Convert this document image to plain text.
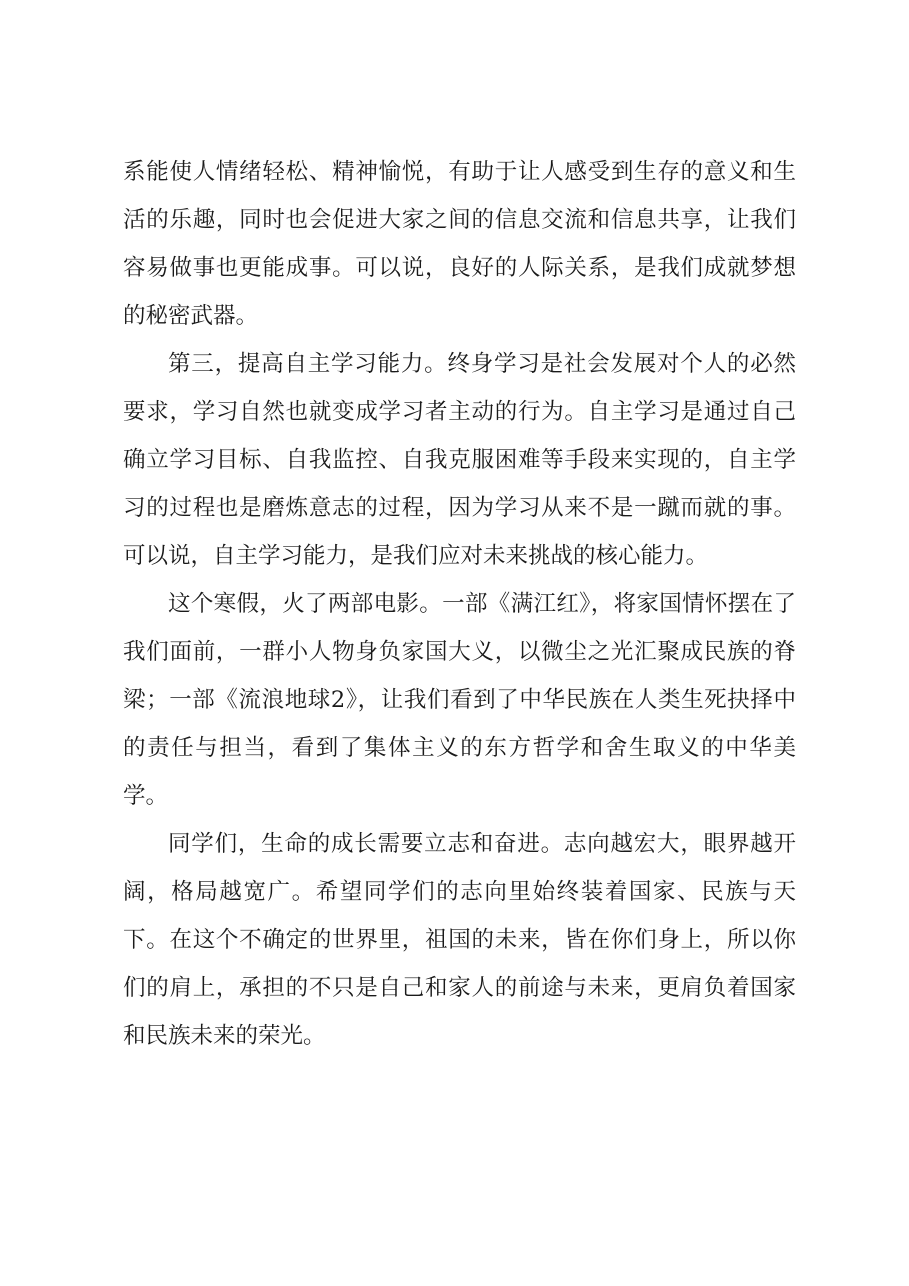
系能使人情绪轻松、精神愉悦，有助于让人感受到生存的意义和生活的乐趣，同时也会促进大家之间的信息交流和信息共享，让我们容易做事也更能成事。可以说，良好的人际关系，是我们成就梦想的秘密武器。

第三，提高自主学习能力。终身学习是社会发展对个人的必然要求，学习自然也就变成学习者主动的行为。自主学习是通过自己确立学习目标、自我监控、自我克服困难等手段来实现的，自主学习的过程也是磨炼意志的过程，因为学习从来不是一蹴而就的事。可以说，自主学习能力，是我们应对未来挑战的核心能力。

这个寒假，火了两部电影。一部《满江红》，将家国情怀摆在了我们面前，一群小人物身负家国大义，以微尘之光汇聚成民族的脊梁；一部《流浪地球2》，让我们看到了中华民族在人类生死抉择中的责任与担当，看到了集体主义的东方哲学和舍生取义的中华美学。

同学们，生命的成长需要立志和奋进。志向越宏大，眼界越开阔，格局越宽广。希望同学们的志向里始终装着国家、民族与天下。在这个不确定的世界里，祖国的未来，皆在你们身上，所以你们的肩上，承担的不只是自己和家人的前途与未来，更肩负着国家和民族未来的荣光。
